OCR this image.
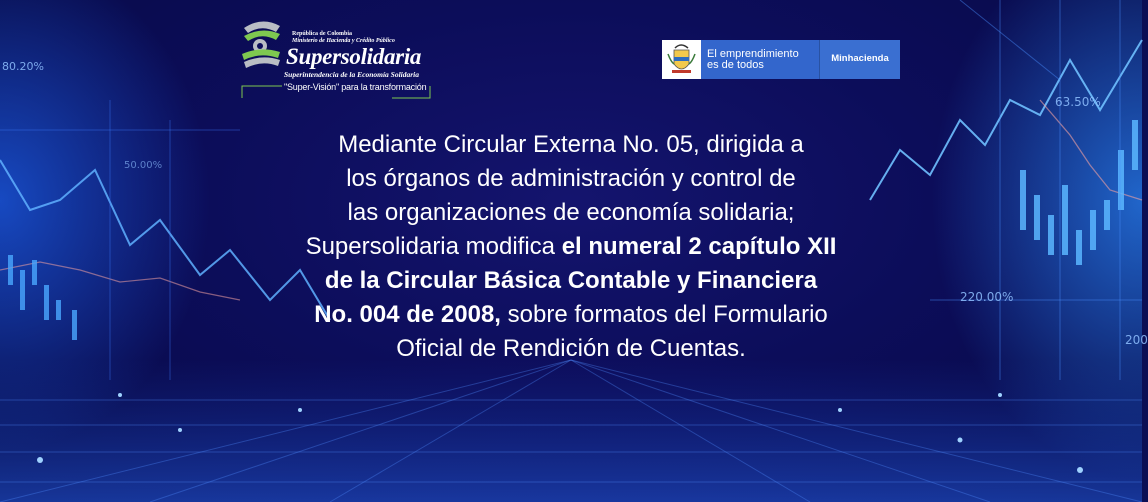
80.20%
50.00%
63.50%
220.00%
200
República de Colombia
Ministerio de Hacienda y Crédito Público
Supersolidaria
Superintendencia de la Economía Solidaria
"Super-Visión" para la transformación
El emprendimiento
es de todos
Minhacienda
Mediante Circular Externa No. 05, dirigida a
los órganos de administración y control de
las organizaciones de economía solidaria;
Supersolidaria modifica el numeral 2 capítulo XII
de la Circular Básica Contable y Financiera
No. 004 de 2008, sobre formatos del Formulario
Oficial de Rendición de Cuentas.
